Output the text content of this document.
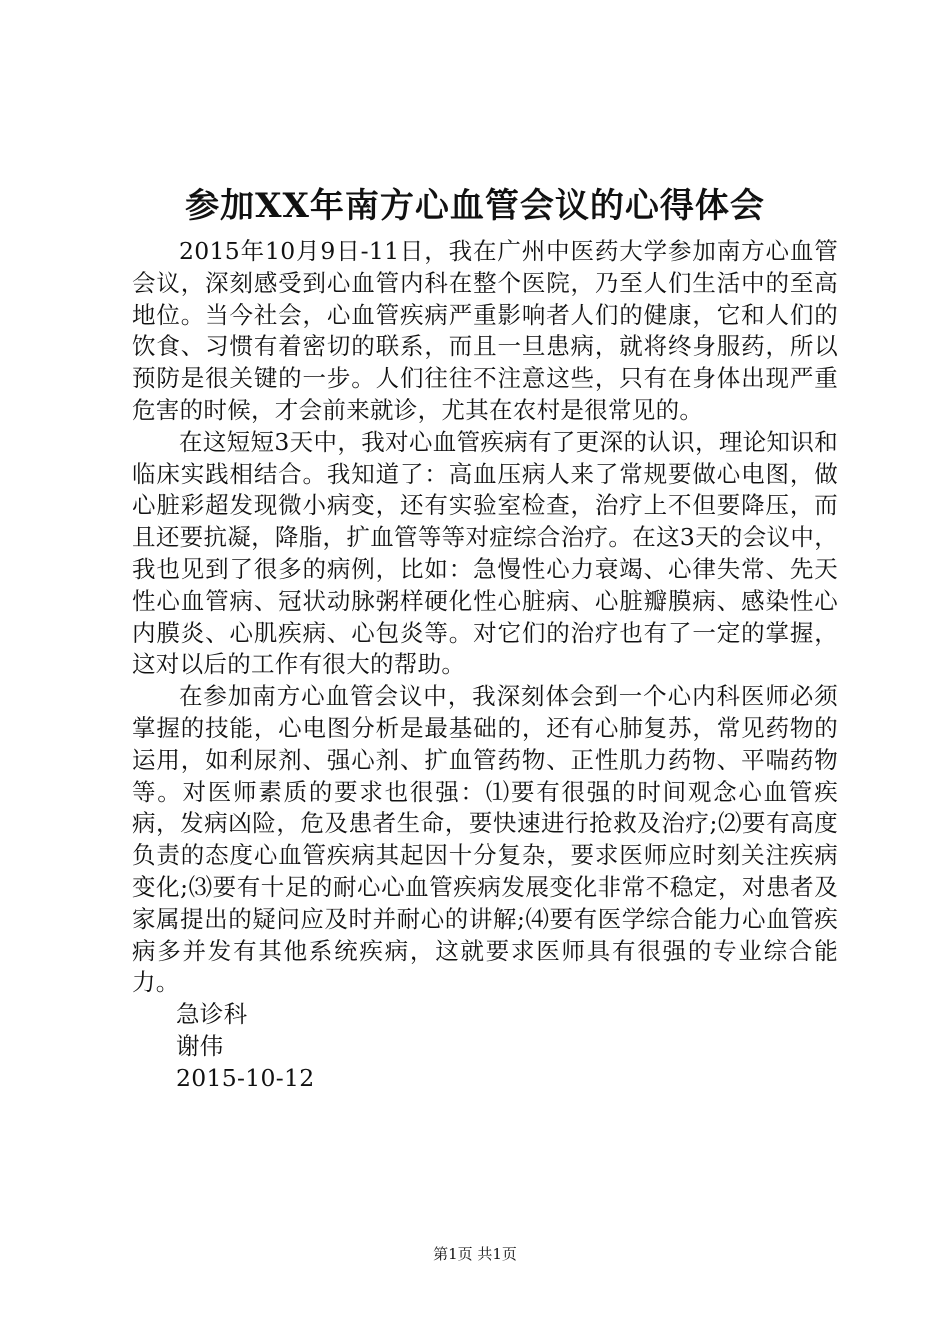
参加XX年南方心血管会议的心得体会

2015年10月9日-11日，我在广州中医药大学参加南方心血管会议，深刻感受到心血管内科在整个医院，乃至人们生活中的至高地位。当今社会，心血管疾病严重影响者人们的健康，它和人们的饮食、习惯有着密切的联系，而且一旦患病，就将终身服药，所以预防是很关键的一步。人们往往不注意这些，只有在身体出现严重危害的时候，才会前来就诊，尤其在农村是很常见的。

在这短短3天中，我对心血管疾病有了更深的认识，理论知识和临床实践相结合。我知道了：高血压病人来了常规要做心电图，做心脏彩超发现微小病变，还有实验室检查，治疗上不但要降压，而且还要抗凝，降脂，扩血管等等对症综合治疗。在这3天的会议中，我也见到了很多的病例，比如：急慢性心力衰竭、心律失常、先天性心血管病、冠状动脉粥样硬化性心脏病、心脏瓣膜病、感染性心内膜炎、心肌疾病、心包炎等。对它们的治疗也有了一定的掌握，这对以后的工作有很大的帮助。

在参加南方心血管会议中，我深刻体会到一个心内科医师必须掌握的技能，心电图分析是最基础的，还有心肺复苏，常见药物的运用，如利尿剂、强心剂、扩血管药物、正性肌力药物、平喘药物等。对医师素质的要求也很强：⑴要有很强的时间观念心血管疾病，发病凶险，危及患者生命，要快速进行抢救及治疗;⑵要有高度负责的态度心血管疾病其起因十分复杂，要求医师应时刻关注疾病变化;⑶要有十足的耐心心血管疾病发展变化非常不稳定，对患者及家属提出的疑问应及时并耐心的讲解;⑷要有医学综合能力心血管疾病多并发有其他系统疾病，这就要求医师具有很强的专业综合能力。

急诊科

谢伟

2015-10-12

第1页 共1页
